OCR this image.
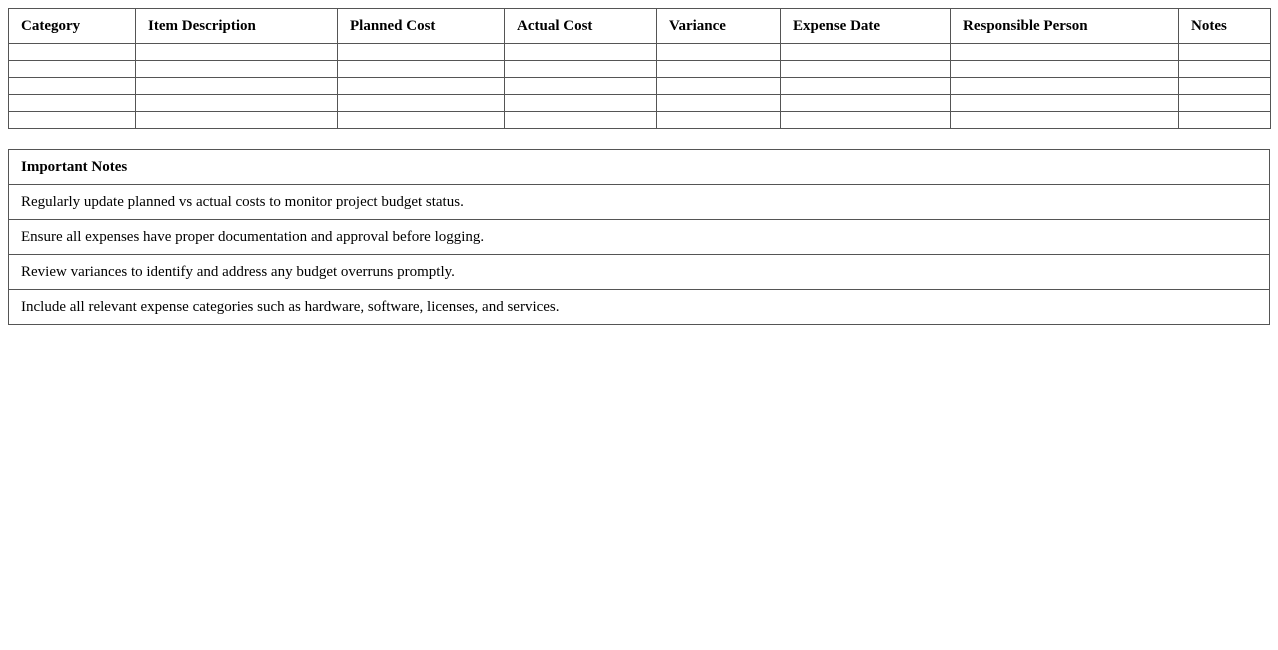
Category	Item Description	Planned Cost	Actual Cost	Variance	Expense Date	Responsible Person	Notes

Important Notes
Regularly update planned vs actual costs to monitor project budget status.
Ensure all expenses have proper documentation and approval before logging.
Review variances to identify and address any budget overruns promptly.
Include all relevant expense categories such as hardware, software, licenses, and services.
